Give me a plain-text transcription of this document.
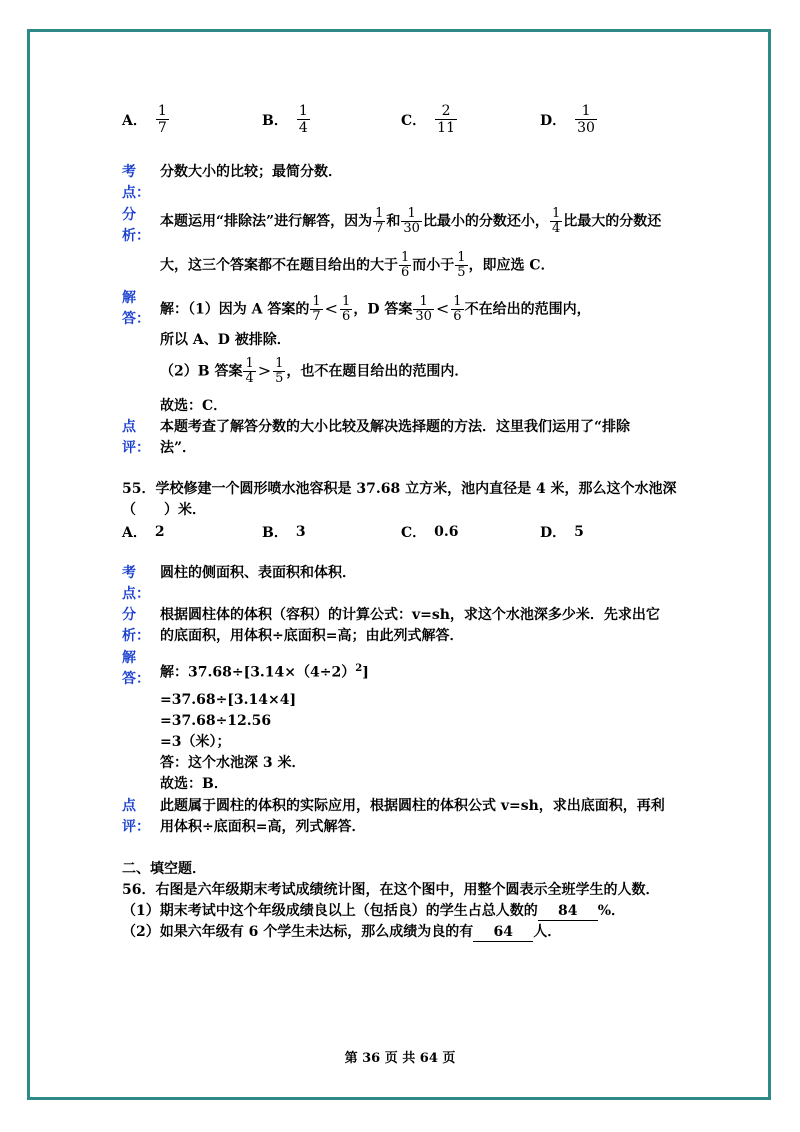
A． $\frac{1}{7}$	B． $\frac{1}{4}$	C． $\frac{2}{11}$	D． $\frac{1}{30}$
考
点：
分数大小的比较；最简分数．
分
析：
本题运用“排除法”进行解答，因为 $\frac{1}{7}$ 和 $\frac{1}{30}$ 比最小的分数还小， $\frac{1}{4}$ 比最大的分数还
大，这三个答案都不在题目给出的大于 $\frac{1}{6}$ 而小于 $\frac{1}{5}$ ，即应选 C．
解
答：
解：（1）因为 A 答案的 $\frac{1}{7} < \frac{1}{6}$ ，D 答案 $\frac{1}{30} < \frac{1}{6}$ 不在给出的范围内，
所以 A、D 被排除．
（2）B 答案 $\frac{1}{4} > \frac{1}{5}$ ，也不在题目给出的范围内．
故选：C．
点
评：
本题考查了解答分数的大小比较及解决选择题的方法．这里我们运用了“排除
法”．
55．学校修建一个圆形喷水池容积是 37.68 立方米，池内直径是 4 米，那么这个水池深
（　　）米．
A． 2	B． 3	C． 0.6	D． 5
考
点：
圆柱的侧面积、表面积和体积．
分
析：
根据圆柱体的体积（容积）的计算公式：v=sh，求这个水池深多少米．先求出它
的底面积，用体积÷底面积=高；由此列式解答．
解
答： 解：$37.68\div[3.14\times(4\div 2)^2]$
=37.68÷[3.14×4]
=37.68÷12.56
=3（米）；
答：这个水池深 3 米．
故选：B．
点
评：
此题属于圆柱的体积的实际应用，根据圆柱的体积公式 v=sh，求出底面积，再利
用体积÷底面积=高，列式解答．
二、填空题．
56．右图是六年级期末考试成绩统计图，在这个图中，用整个圆表示全班学生的人数．
（1）期末考试中这个年级成绩良以上（包括良）的学生占总人数的 84 %．
（2）如果六年级有 6 个学生未达标，那么成绩为良的有 64 人．
第 36 页 共 64 页
